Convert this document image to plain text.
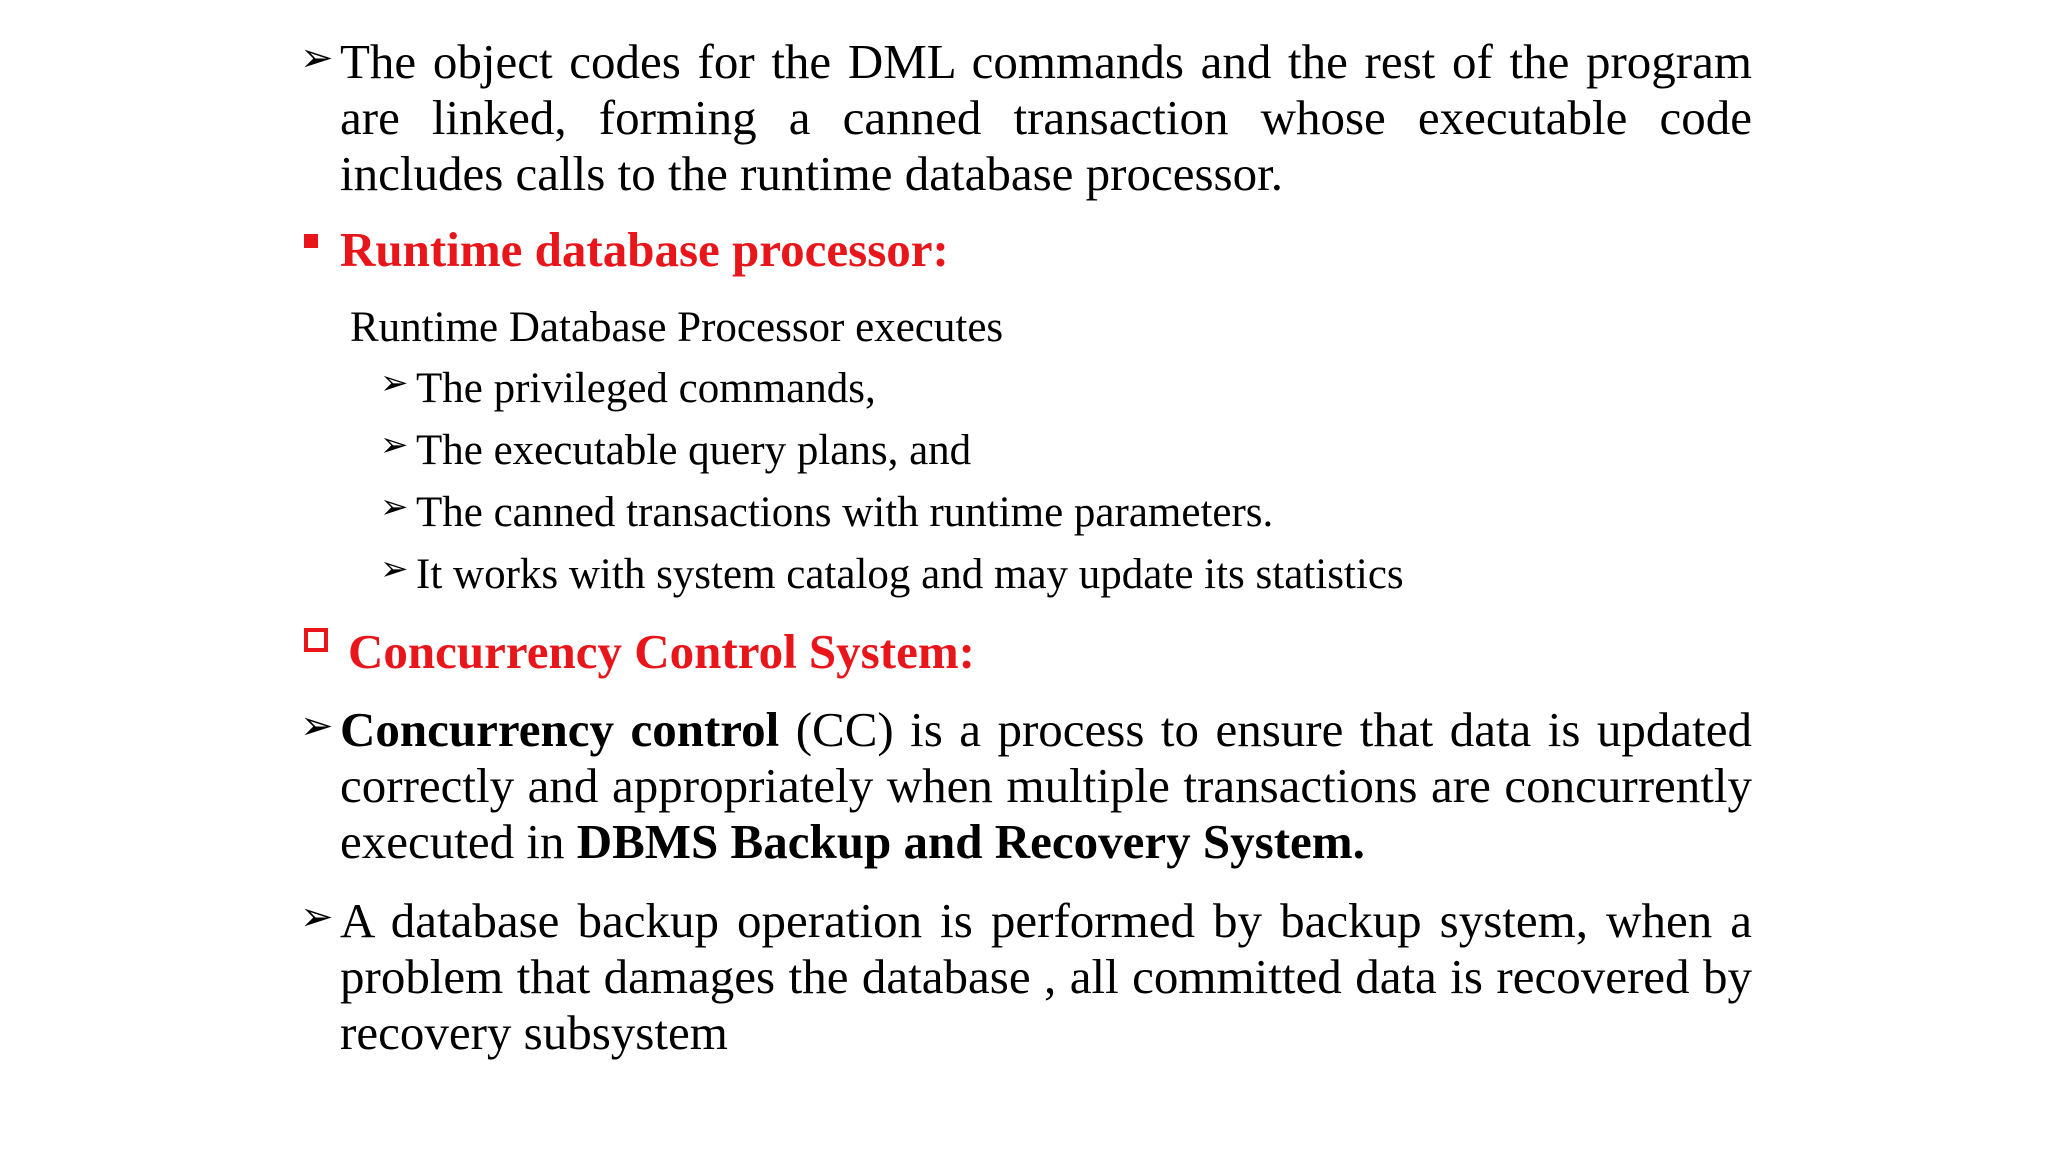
➢ The object codes for the DML commands and the rest of the program are linked, forming a canned transaction whose executable code includes calls to the runtime database processor.
Runtime database processor:
Runtime Database Processor executes
➢ The privileged commands,
➢ The executable query plans, and
➢ The canned transactions with runtime parameters.
➢ It works with system catalog and may update its statistics
Concurrency Control System:
➢ Concurrency control (CC) is a process to ensure that data is updated correctly and appropriately when multiple transactions are concurrently executed in DBMS Backup and Recovery System.
➢ A database backup operation is performed by backup system, when a problem that damages the database , all committed data is recovered by recovery subsystem
